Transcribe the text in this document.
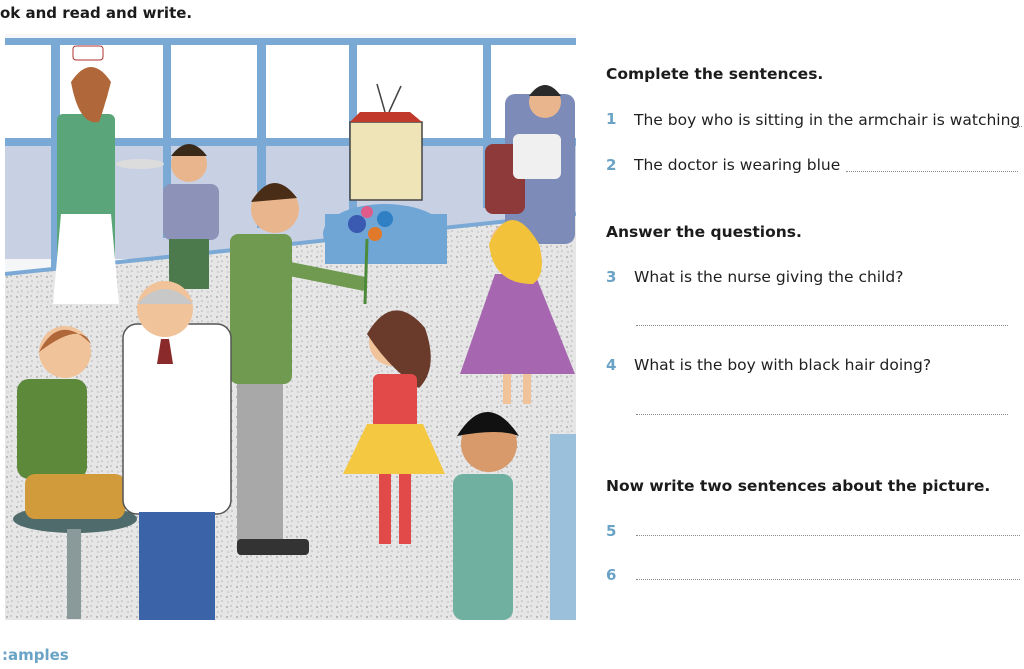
ok and read and write.
:amples
Complete the sentences.
1 The boy who is sitting in the armchair is watching
2 The doctor is wearing blue
Answer the questions.
3 What is the nurse giving the child?
4 What is the boy with black hair doing?
Now write two sentences about the picture.
5
6
